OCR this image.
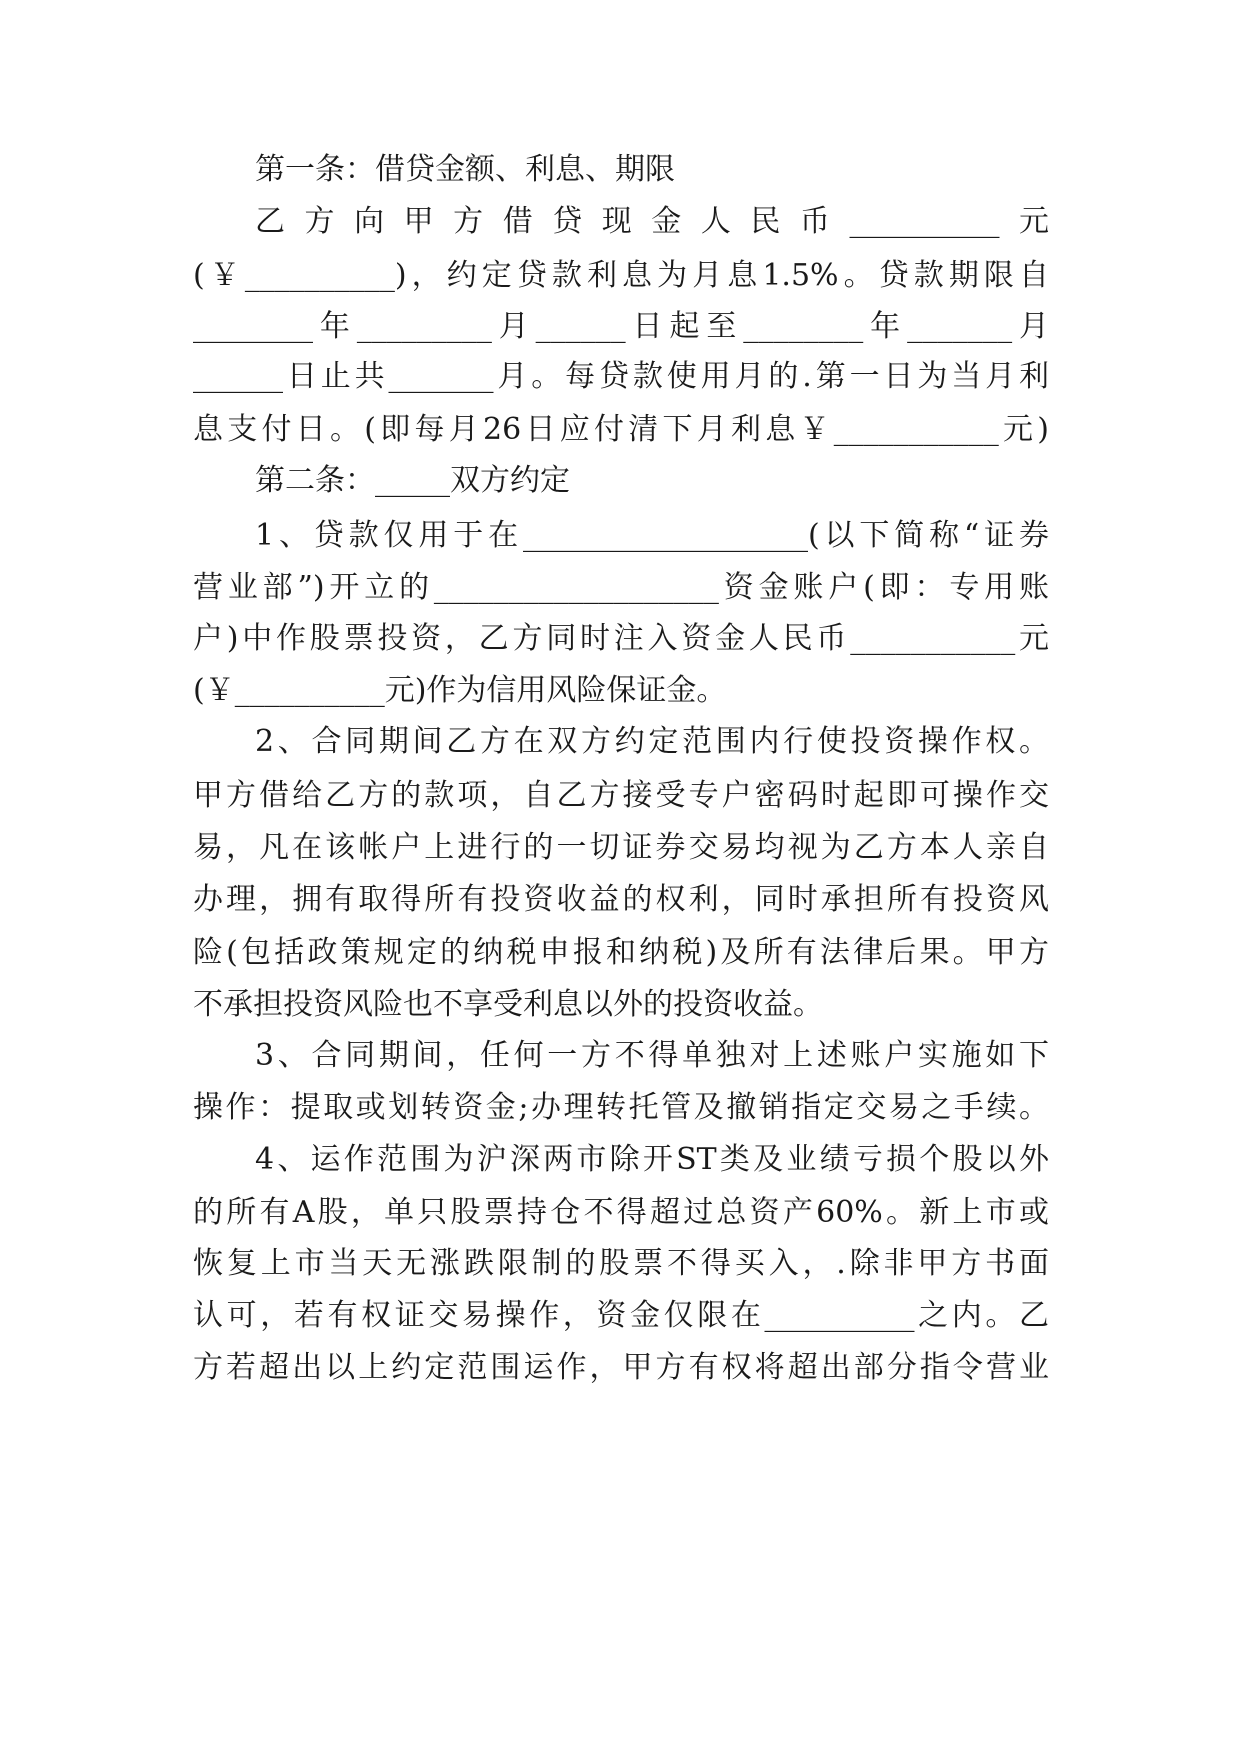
第一条：借贷金额、利息、期限
乙方向甲方借贷现金人民币__________元
(￥__________)，约定贷款利息为月息1.5%。贷款期限自
________年_________月______日起至________年_______月
______日止共_______月。每贷款使用月的.第一日为当月利
息支付日。(即每月26日应付清下月利息￥___________元)
第二条：_____双方约定
1、贷款仅用于在___________________(以下简称“证券
营业部”)开立的___________________资金账户(即：专用账
户)中作股票投资，乙方同时注入资金人民币___________元
(￥__________元)作为信用风险保证金。
2、合同期间乙方在双方约定范围内行使投资操作权。
甲方借给乙方的款项，自乙方接受专户密码时起即可操作交
易，凡在该帐户上进行的一切证券交易均视为乙方本人亲自
办理，拥有取得所有投资收益的权利，同时承担所有投资风
险(包括政策规定的纳税申报和纳税)及所有法律后果。甲方
不承担投资风险也不享受利息以外的投资收益。
3、合同期间，任何一方不得单独对上述账户实施如下
操作：提取或划转资金;办理转托管及撤销指定交易之手续。
4、运作范围为沪深两市除开ST类及业绩亏损个股以外
的所有A股，单只股票持仓不得超过总资产60%。新上市或
恢复上市当天无涨跌限制的股票不得买入，.除非甲方书面
认可，若有权证交易操作，资金仅限在__________之内。乙
方若超出以上约定范围运作，甲方有权将超出部分指令营业
